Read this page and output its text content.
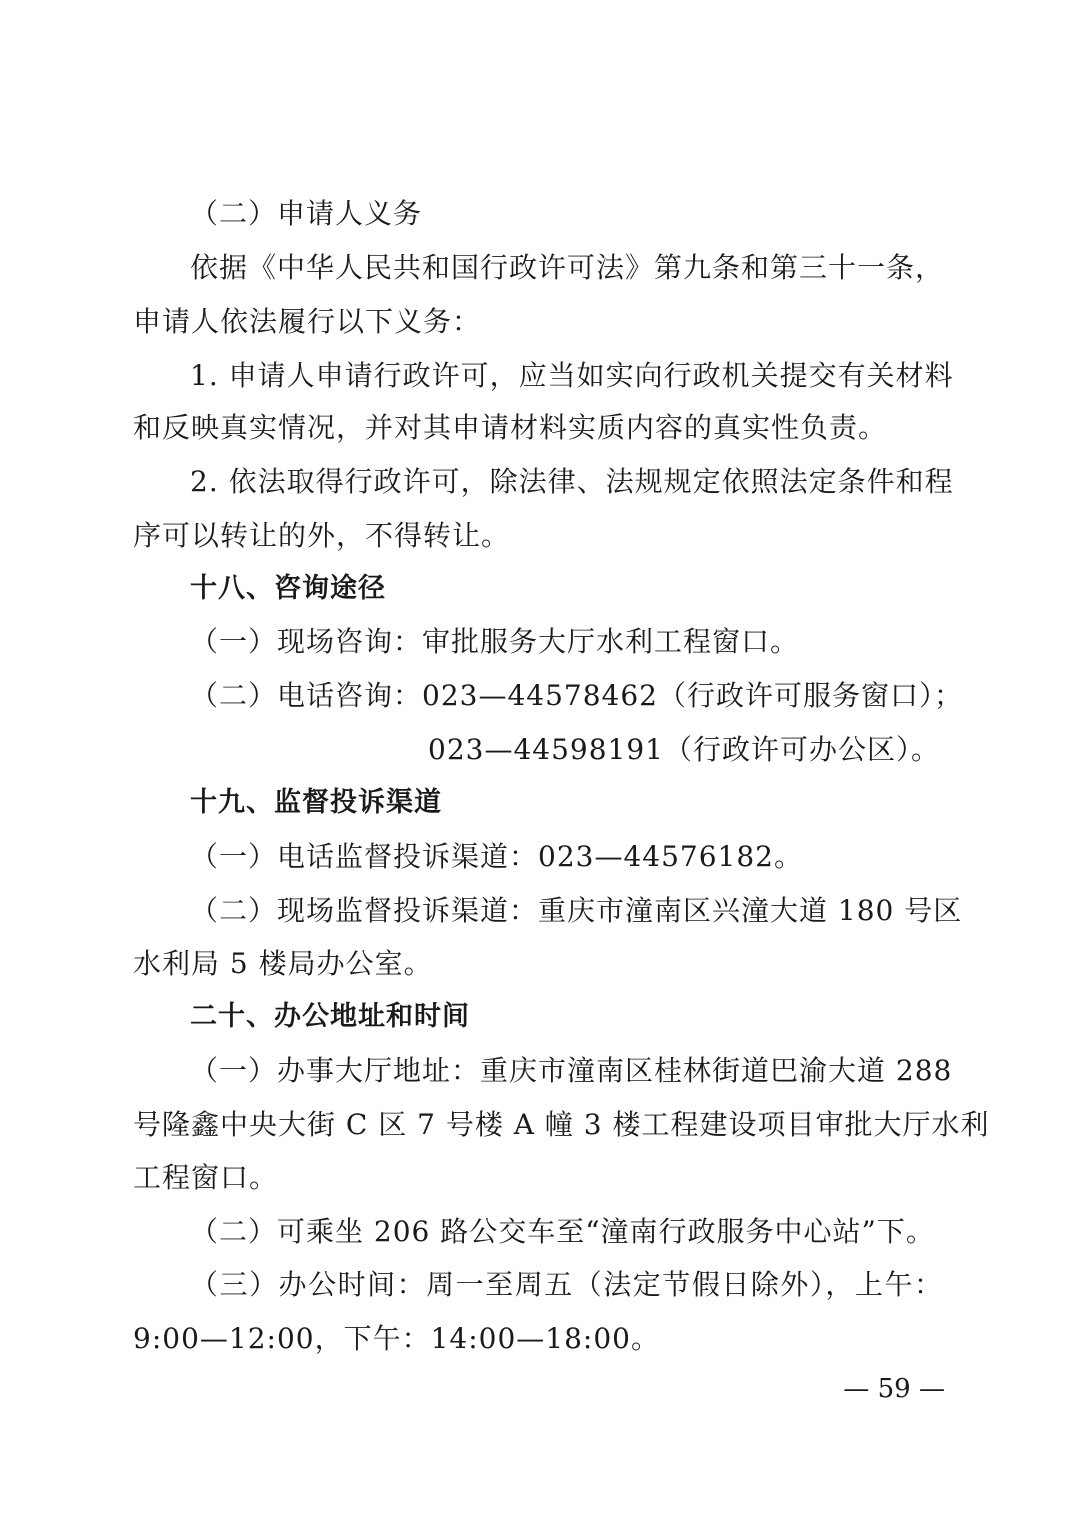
（二）申请人义务
依据《中华人民共和国行政许可法》第九条和第三十一条，
申请人依法履行以下义务：
1. 申请人申请行政许可，应当如实向行政机关提交有关材料
和反映真实情况，并对其申请材料实质内容的真实性负责。
2. 依法取得行政许可，除法律、法规规定依照法定条件和程
序可以转让的外，不得转让。
十八、咨询途径
（一）现场咨询：审批服务大厅水利工程窗口。
（二）电话咨询：023—44578462（行政许可服务窗口）；
023—44598191（行政许可办公区）。
十九、监督投诉渠道
（一）电话监督投诉渠道：023—44576182。
（二）现场监督投诉渠道：重庆市潼南区兴潼大道 180 号区
水利局 5 楼局办公室。
二十、办公地址和时间
（一）办事大厅地址：重庆市潼南区桂林街道巴渝大道 288
号隆鑫中央大街 C 区 7 号楼 A 幢 3 楼工程建设项目审批大厅水利
工程窗口。
（二）可乘坐 206 路公交车至“潼南行政服务中心站”下。
（三）办公时间：周一至周五（法定节假日除外），上午：
9:00—12:00，下午：14:00—18:00。
— 59 —
